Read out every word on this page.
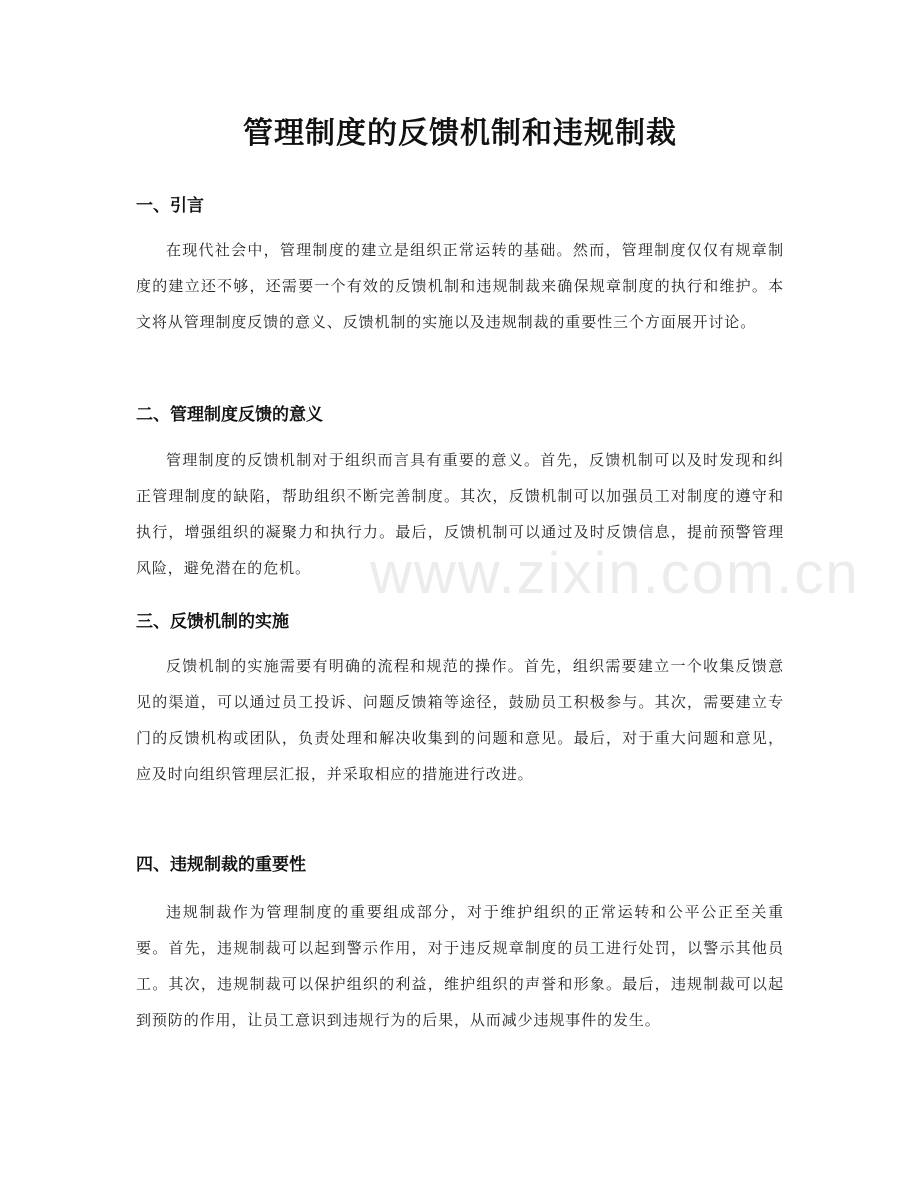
www.zixin.com.cn
管理制度的反馈机制和违规制裁
一、引言

在现代社会中，管理制度的建立是组织正常运转的基础。然而，管理制度仅仅有规章制度的建立还不够，还需要一个有效的反馈机制和违规制裁来确保规章制度的执行和维护。本文将从管理制度反馈的意义、反馈机制的实施以及违规制裁的重要性三个方面展开讨论。

二、管理制度反馈的意义

管理制度的反馈机制对于组织而言具有重要的意义。首先，反馈机制可以及时发现和纠正管理制度的缺陷，帮助组织不断完善制度。其次，反馈机制可以加强员工对制度的遵守和执行，增强组织的凝聚力和执行力。最后，反馈机制可以通过及时反馈信息，提前预警管理风险，避免潜在的危机。

三、反馈机制的实施

反馈机制的实施需要有明确的流程和规范的操作。首先，组织需要建立一个收集反馈意见的渠道，可以通过员工投诉、问题反馈箱等途径，鼓励员工积极参与。其次，需要建立专门的反馈机构或团队，负责处理和解决收集到的问题和意见。最后，对于重大问题和意见，应及时向组织管理层汇报，并采取相应的措施进行改进。

四、违规制裁的重要性

违规制裁作为管理制度的重要组成部分，对于维护组织的正常运转和公平公正至关重要。首先，违规制裁可以起到警示作用，对于违反规章制度的员工进行处罚，以警示其他员工。其次，违规制裁可以保护组织的利益，维护组织的声誉和形象。最后，违规制裁可以起到预防的作用，让员工意识到违规行为的后果，从而减少违规事件的发生。
